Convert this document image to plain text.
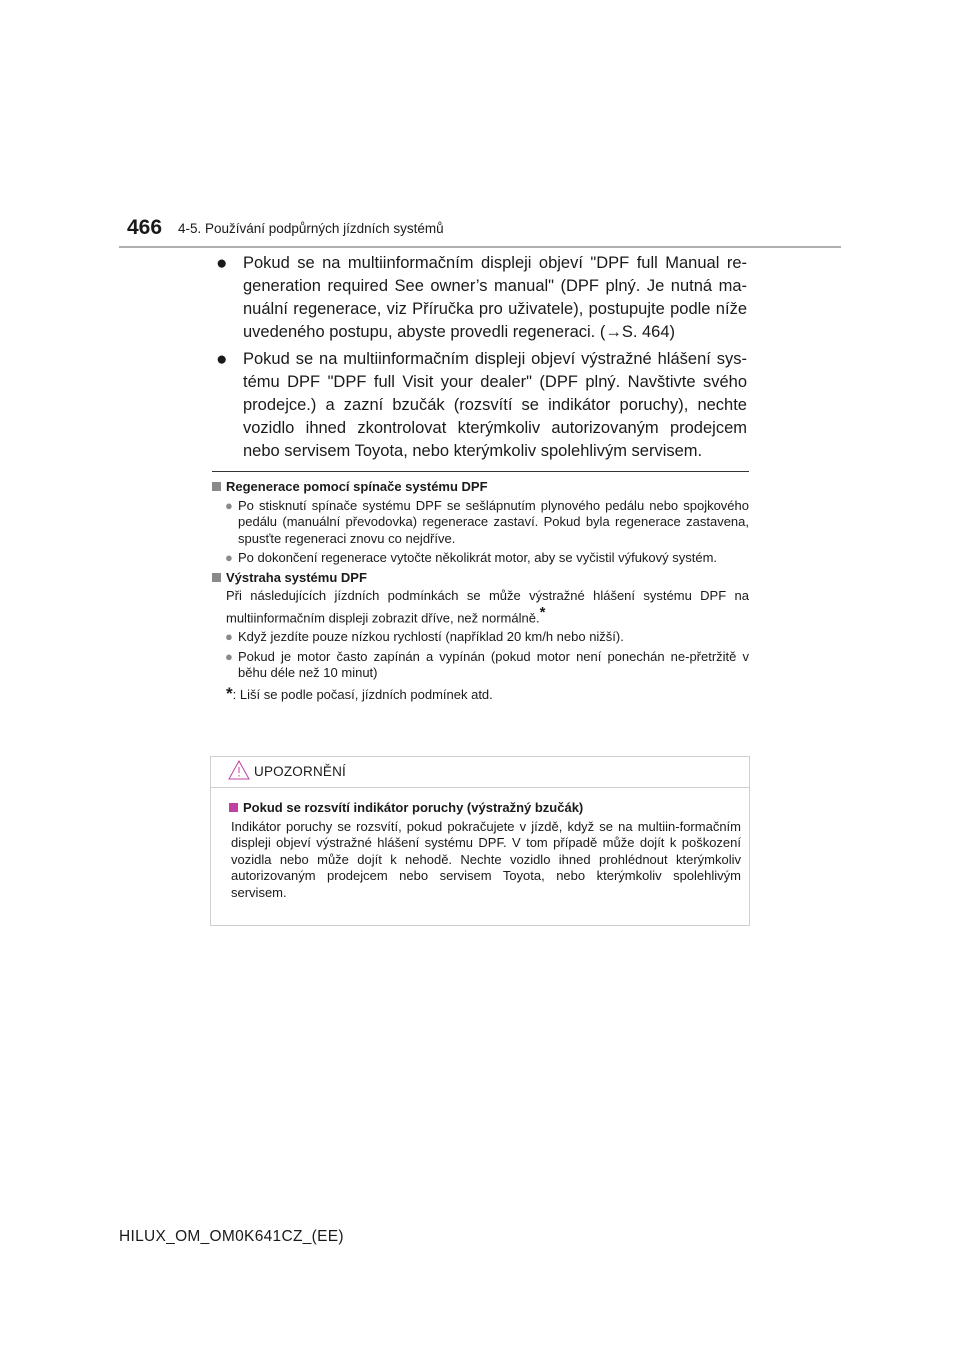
466 4-5. Používání podpůrných jízdních systémů
● Pokud se na multiinformačním displeji objeví "DPF full Manual re-generation required See owner’s manual" (DPF plný. Je nutná ma-nuální regenerace, viz Příručka pro uživatele), postupujte podle níže uvedeného postupu, abyste provedli regeneraci. (→S. 464)
● Pokud se na multiinformačním displeji objeví výstražné hlášení sys-tému DPF "DPF full Visit your dealer" (DPF plný. Navštivte svého prodejce.) a zazní bzučák (rozsvítí se indikátor poruchy), nechte vozidlo ihned zkontrolovat kterýmkoliv autorizovaným prodejcem nebo servisem Toyota, nebo kterýmkoliv spolehlivým servisem.
Regenerace pomocí spínače systému DPF
● Po stisknutí spínače systému DPF se sešlápnutím plynového pedálu nebo spojkového pedálu (manuální převodovka) regenerace zastaví. Pokud byla regenerace zastavena, spusťte regeneraci znovu co nejdříve.
● Po dokončení regenerace vytočte několikrát motor, aby se vyčistil výfukový systém.
Výstraha systému DPF
Při následujících jízdních podmínkách se může výstražné hlášení systému DPF na multiinformačním displeji zobrazit dříve, než normálně.*
● Když jezdíte pouze nízkou rychlostí (například 20 km/h nebo nižší).
● Pokud je motor často zapínán a vypínán (pokud motor není ponechán ne-přetržitě v běhu déle než 10 minut)
*: Liší se podle počasí, jízdních podmínek atd.
UPOZORNĚNÍ
Pokud se rozsvítí indikátor poruchy (výstražný bzučák)
Indikátor poruchy se rozsvítí, pokud pokračujete v jízdě, když se na multiin-formačním displeji objeví výstražné hlášení systému DPF. V tom případě může dojít k poškození vozidla nebo může dojít k nehodě. Nechte vozidlo ihned prohlédnout kterýmkoliv autorizovaným prodejcem nebo servisem Toyota, nebo kterýmkoliv spolehlivým servisem.
HILUX_OM_OM0K641CZ_(EE)
